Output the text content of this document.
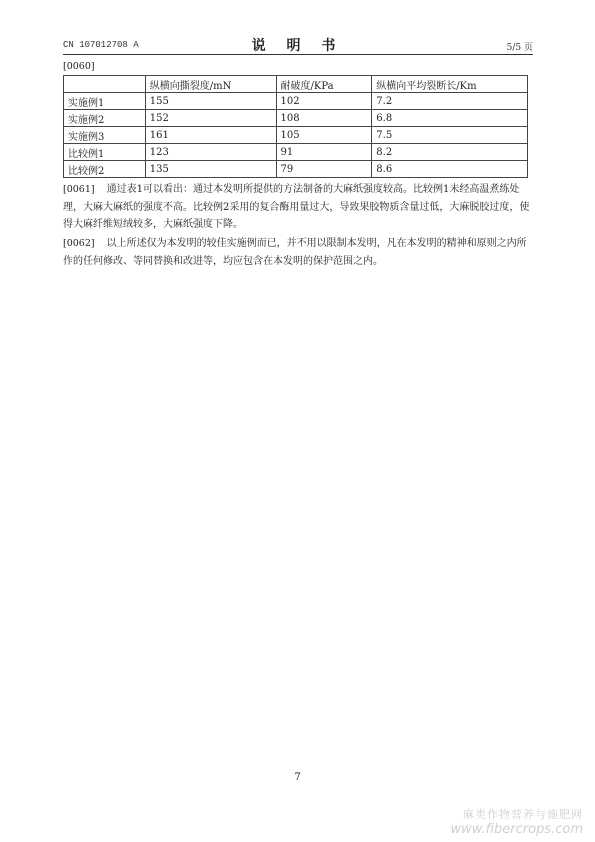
CN 107012708 A	说 明 书	5/5 页
[0060]
	纵横向撕裂度/mN	耐破度/KPa	纵横向平均裂断长/Km
实施例1	155	102	7.2
实施例2	152	108	6.8
实施例3	161	105	7.5
比较例1	123	91	8.2
比较例2	135	79	8.6
[0061] 通过表1可以看出：通过本发明所提供的方法制备的大麻纸强度较高。比较例1未经高温煮练处理，大麻大麻纸的强度不高。比较例2采用的复合酶用量过大，导致果胶物质含量过低，大麻脱胶过度，使得大麻纤维短绒较多，大麻纸强度下降。
[0062] 以上所述仅为本发明的较佳实施例而已，并不用以限制本发明，凡在本发明的精神和原则之内所作的任何修改、等同替换和改进等，均应包含在本发明的保护范围之内。
7
麻类作物营养与施肥网
www.fibercrops.com
